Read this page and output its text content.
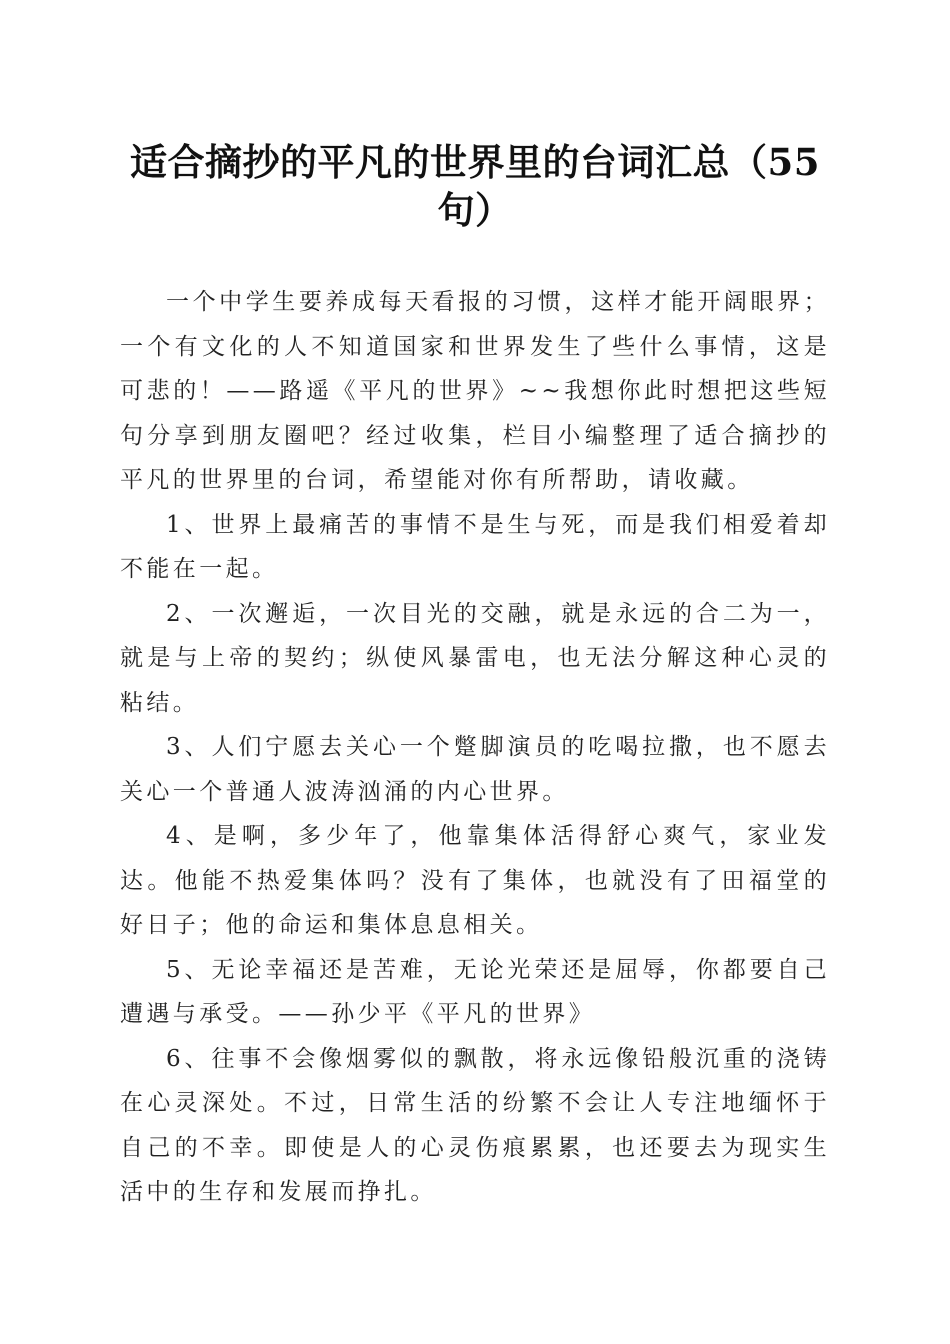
适合摘抄的平凡的世界里的台词汇总（55
句）

一个中学生要养成每天看报的习惯，这样才能开阔眼界；一个有文化的人不知道国家和世界发生了些什么事情，这是可悲的！——路遥《平凡的世界》~~我想你此时想把这些短句分享到朋友圈吧？经过收集，栏目小编整理了适合摘抄的平凡的世界里的台词，希望能对你有所帮助，请收藏。

1、世界上最痛苦的事情不是生与死，而是我们相爱着却不能在一起。

2、一次邂逅，一次目光的交融，就是永远的合二为一，就是与上帝的契约；纵使风暴雷电，也无法分解这种心灵的粘结。

3、人们宁愿去关心一个蹩脚演员的吃喝拉撒，也不愿去关心一个普通人波涛汹涌的内心世界。

4、是啊，多少年了，他靠集体活得舒心爽气，家业发达。他能不热爱集体吗？没有了集体，也就没有了田福堂的好日子；他的命运和集体息息相关。

5、无论幸福还是苦难，无论光荣还是屈辱，你都要自己遭遇与承受。——孙少平《平凡的世界》

6、往事不会像烟雾似的飘散，将永远像铅般沉重的浇铸在心灵深处。不过，日常生活的纷繁不会让人专注地缅怀于自己的不幸。即使是人的心灵伤痕累累，也还要去为现实生活中的生存和发展而挣扎。
